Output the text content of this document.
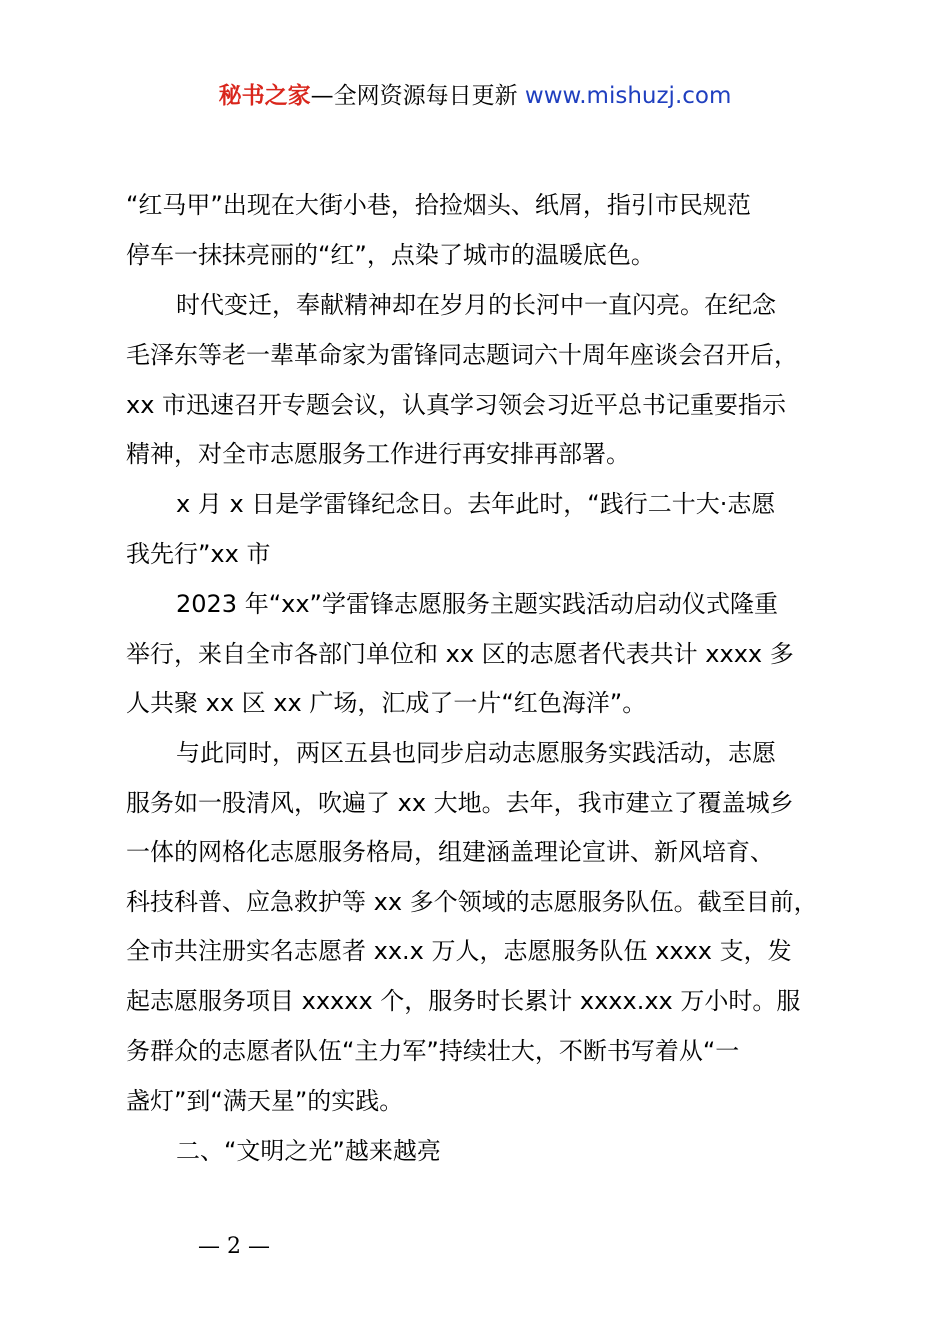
秘书之家—全网资源每日更新 www.mishuzj.com
“红马甲”出现在大街小巷，拾捡烟头、纸屑，指引市民规范
停车一抹抹亮丽的“红”，点染了城市的温暖底色。
时代变迁，奉献精神却在岁月的长河中一直闪亮。在纪念
毛泽东等老一辈革命家为雷锋同志题词六十周年座谈会召开后，
xx 市迅速召开专题会议，认真学习领会习近平总书记重要指示
精神，对全市志愿服务工作进行再安排再部署。
x 月 x 日是学雷锋纪念日。去年此时，“践行二十大·志愿
我先行”xx 市
2023 年“xx”学雷锋志愿服务主题实践活动启动仪式隆重
举行，来自全市各部门单位和 xx 区的志愿者代表共计 xxxx 多
人共聚 xx 区 xx 广场，汇成了一片“红色海洋”。
与此同时，两区五县也同步启动志愿服务实践活动，志愿
服务如一股清风，吹遍了 xx 大地。去年，我市建立了覆盖城乡
一体的网格化志愿服务格局，组建涵盖理论宣讲、新风培育、
科技科普、应急救护等 xx 多个领域的志愿服务队伍。截至目前，
全市共注册实名志愿者 xx.x 万人，志愿服务队伍 xxxx 支，发
起志愿服务项目 xxxxx 个，服务时长累计 xxxx.xx 万小时。服
务群众的志愿者队伍“主力军”持续壮大，不断书写着从“一
盏灯”到“满天星”的实践。
二、“文明之光”越来越亮
— 2 —
